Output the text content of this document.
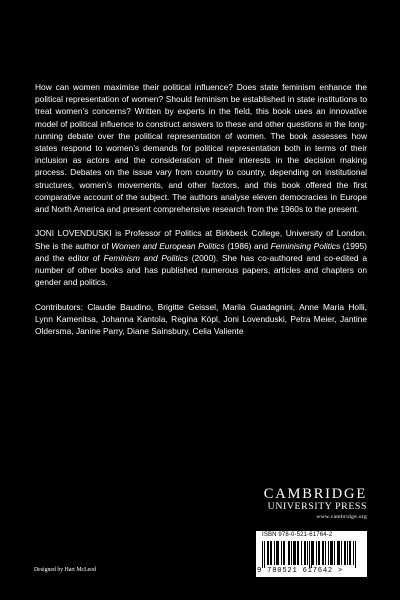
How can women maximise their political influence? Does state feminism enhance the political representation of women? Should feminism be established in state institutions to treat women’s concerns? Written by experts in the field, this book uses an innovative model of political influence to construct answers to these and other questions in the long-running debate over the political representation of women. The book assesses how states respond to women’s demands for political representation both in terms of their inclusion as actors and the consideration of their interests in the decision making process. Debates on the issue vary from country to country, depending on institutional structures, women’s movements, and other factors, and this book offered the first comparative account of the subject. The authors analyse eleven democracies in Europe and North America and present comprehensive research from the 1960s to the present.

JONI LOVENDUSKI is Professor of Politics at Birkbeck College, University of London. She is the author of Women and European Politics (1986) and Feminising Politics (1995) and the editor of Feminism and Politics (2000). She has co-authored and co-edited a number of other books and has published numerous papers, articles and chapters on gender and politics.

Contributors: Claudie Baudino, Brigitte Geissel, Marila Guadagnini, Anne Maria Holli, Lynn Kamenitsa, Johanna Kantola, Regina Köpl, Joni Lovenduski, Petra Meier, Jantine Oldersma, Janine Parry, Diane Sainsbury, Celia Valiente

CAMBRIDGE
UNIVERSITY PRESS
www.cambridge.org
ISBN 978-0-521-61764-2
9 780521 617642 >
Designed by Hart McLeod
